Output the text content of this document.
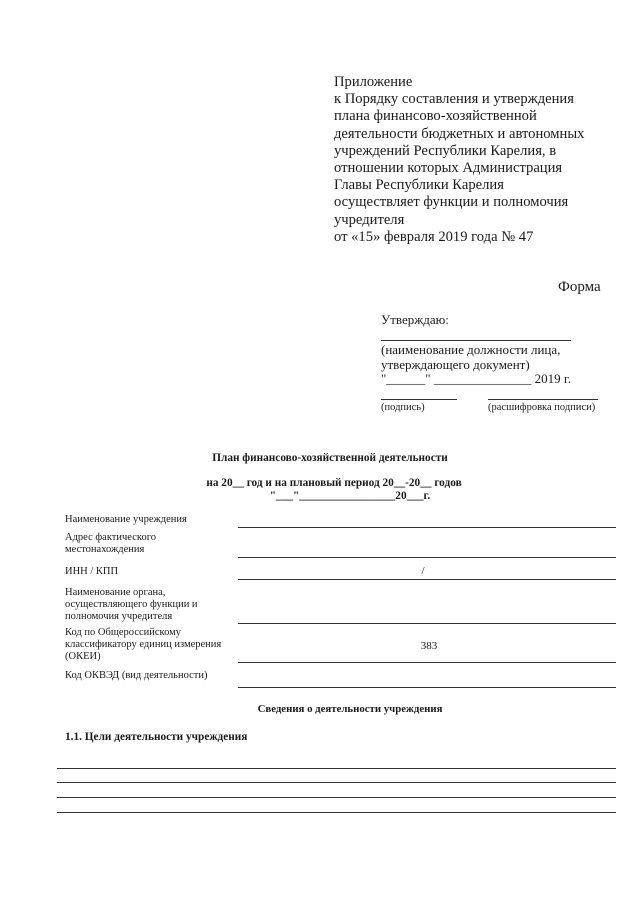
Приложение
к Порядку составления и утверждения
плана финансово-хозяйственной
деятельности бюджетных и автономных
учреждений Республики Карелия, в
отношении которых Администрация
Главы Республики Карелия
осуществляет функции и полномочия
учредителя
от «15» февраля 2019 года № 47
Форма
Утверждаю:
(наименование должности лица,
утверждающего документ)
"______" _______________ 2019 г.
(подпись)	(расшифровка подписи)
План финансово-хозяйственной деятельности
на 20__ год и на плановый период 20__-20__ годов
"___"_________________20___г.
Наименование учреждения
Адрес фактического
местонахождения
ИНН / КПП	/
Наименование органа,
осуществляющего функции и
полномочия учредителя
Код по Общероссийскому
классификатору единиц измерения
(ОКЕИ)
383
Код ОКВЭД (вид деятельности)
Сведения о деятельности учреждения
1.1. Цели деятельности учреждения
